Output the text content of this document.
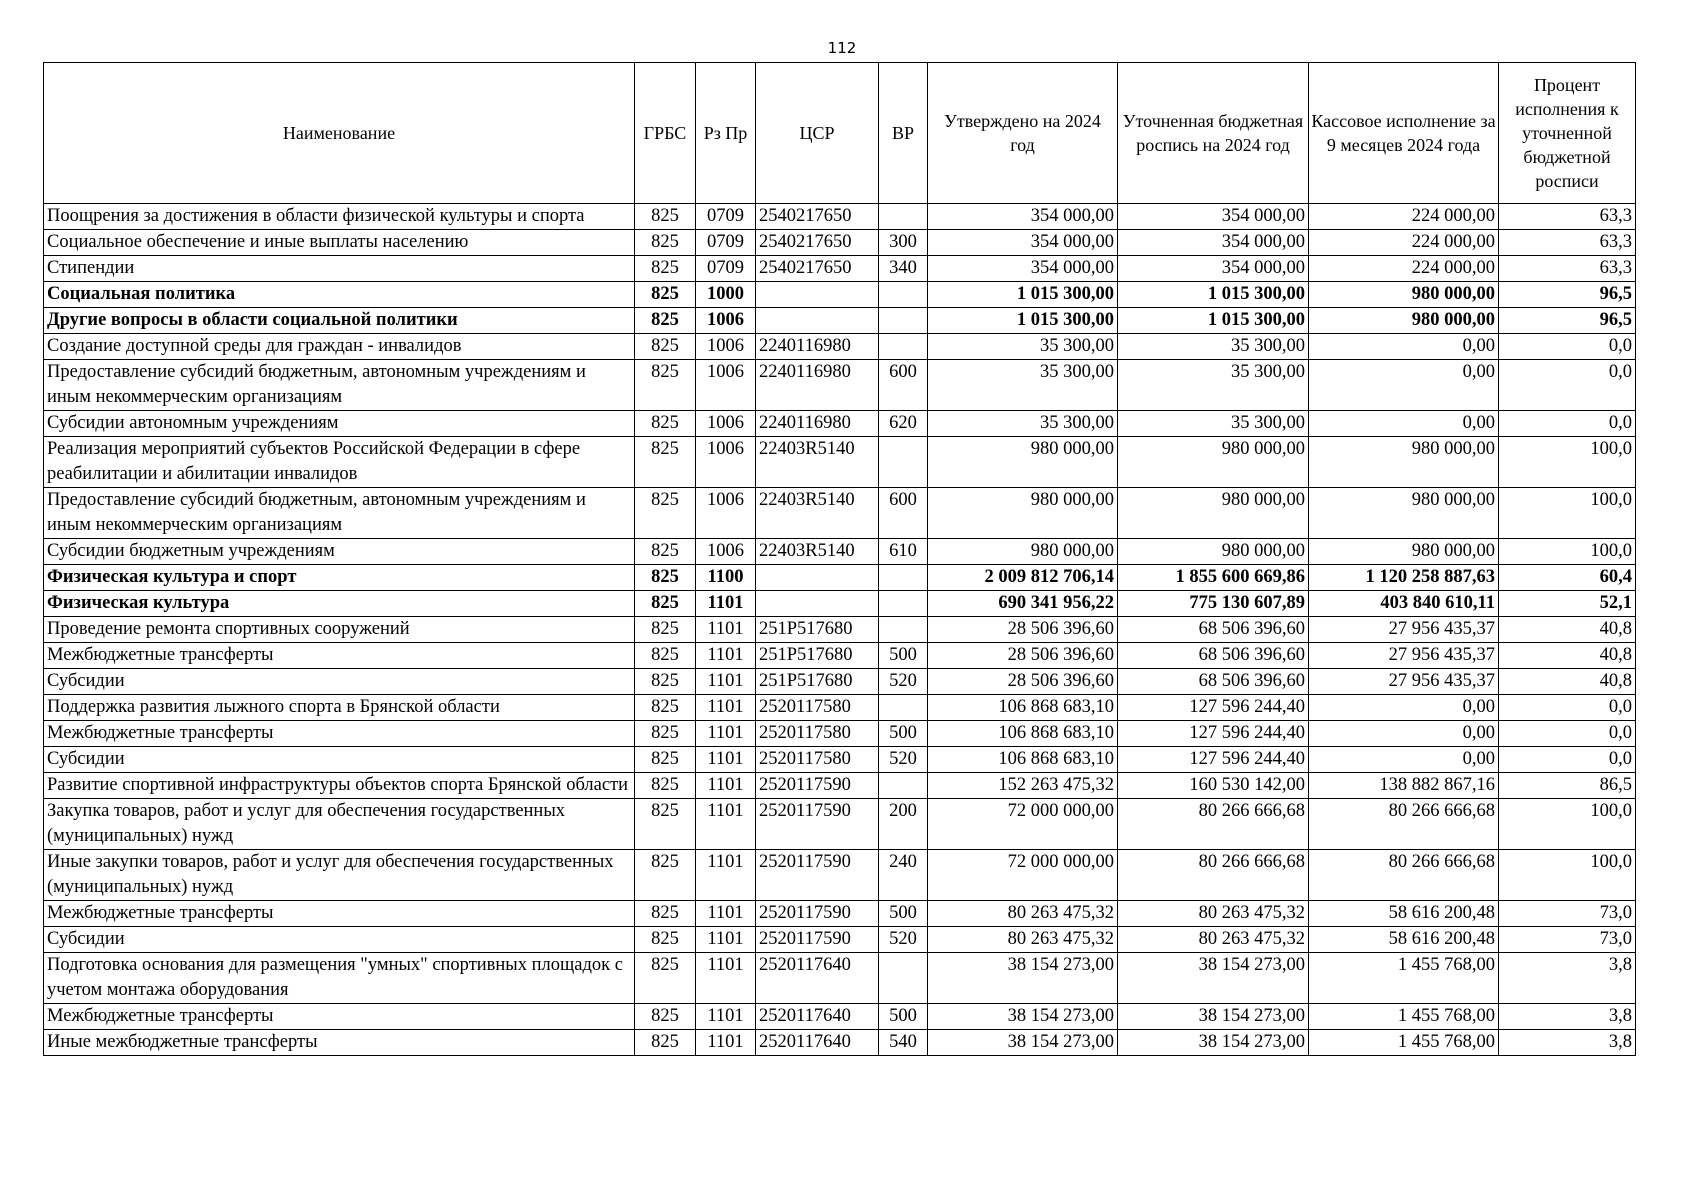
112
Наименование	ГРБС	Рз Пр	ЦСР	ВР	Утверждено на 2024 год	Уточненная бюджетная роспись на 2024 год	Кассовое исполнение за 9 месяцев 2024 года	Процент исполнения к уточненной бюджетной росписи
Поощрения за достижения в области физической культуры и спорта	825	0709	2540217650		354 000,00	354 000,00	224 000,00	63,3
Социальное обеспечение и иные выплаты населению	825	0709	2540217650	300	354 000,00	354 000,00	224 000,00	63,3
Стипендии	825	0709	2540217650	340	354 000,00	354 000,00	224 000,00	63,3
Социальная политика	825	1000			1 015 300,00	1 015 300,00	980 000,00	96,5
Другие вопросы в области социальной политики	825	1006			1 015 300,00	1 015 300,00	980 000,00	96,5
Создание доступной среды для граждан - инвалидов	825	1006	2240116980		35 300,00	35 300,00	0,00	0,0
Предоставление субсидий бюджетным, автономным учреждениям и иным некоммерческим организациям	825	1006	2240116980	600	35 300,00	35 300,00	0,00	0,0
Субсидии автономным учреждениям	825	1006	2240116980	620	35 300,00	35 300,00	0,00	0,0
Реализация мероприятий субъектов Российской Федерации в сфере реабилитации и абилитации инвалидов	825	1006	22403R5140		980 000,00	980 000,00	980 000,00	100,0
Предоставление субсидий бюджетным, автономным учреждениям и иным некоммерческим организациям	825	1006	22403R5140	600	980 000,00	980 000,00	980 000,00	100,0
Субсидии бюджетным учреждениям	825	1006	22403R5140	610	980 000,00	980 000,00	980 000,00	100,0
Физическая культура и спорт	825	1100			2 009 812 706,14	1 855 600 669,86	1 120 258 887,63	60,4
Физическая культура	825	1101			690 341 956,22	775 130 607,89	403 840 610,11	52,1
Проведение ремонта спортивных сооружений	825	1101	251P517680		28 506 396,60	68 506 396,60	27 956 435,37	40,8
Межбюджетные трансферты	825	1101	251P517680	500	28 506 396,60	68 506 396,60	27 956 435,37	40,8
Субсидии	825	1101	251P517680	520	28 506 396,60	68 506 396,60	27 956 435,37	40,8
Поддержка развития лыжного спорта в Брянской области	825	1101	2520117580		106 868 683,10	127 596 244,40	0,00	0,0
Межбюджетные трансферты	825	1101	2520117580	500	106 868 683,10	127 596 244,40	0,00	0,0
Субсидии	825	1101	2520117580	520	106 868 683,10	127 596 244,40	0,00	0,0
Развитие спортивной инфраструктуры объектов спорта Брянской области	825	1101	2520117590		152 263 475,32	160 530 142,00	138 882 867,16	86,5
Закупка товаров, работ и услуг для обеспечения государственных (муниципальных) нужд	825	1101	2520117590	200	72 000 000,00	80 266 666,68	80 266 666,68	100,0
Иные закупки товаров, работ и услуг для обеспечения государственных (муниципальных) нужд	825	1101	2520117590	240	72 000 000,00	80 266 666,68	80 266 666,68	100,0
Межбюджетные трансферты	825	1101	2520117590	500	80 263 475,32	80 263 475,32	58 616 200,48	73,0
Субсидии	825	1101	2520117590	520	80 263 475,32	80 263 475,32	58 616 200,48	73,0
Подготовка основания для размещения "умных" спортивных площадок с учетом монтажа оборудования	825	1101	2520117640		38 154 273,00	38 154 273,00	1 455 768,00	3,8
Межбюджетные трансферты	825	1101	2520117640	500	38 154 273,00	38 154 273,00	1 455 768,00	3,8
Иные межбюджетные трансферты	825	1101	2520117640	540	38 154 273,00	38 154 273,00	1 455 768,00	3,8
